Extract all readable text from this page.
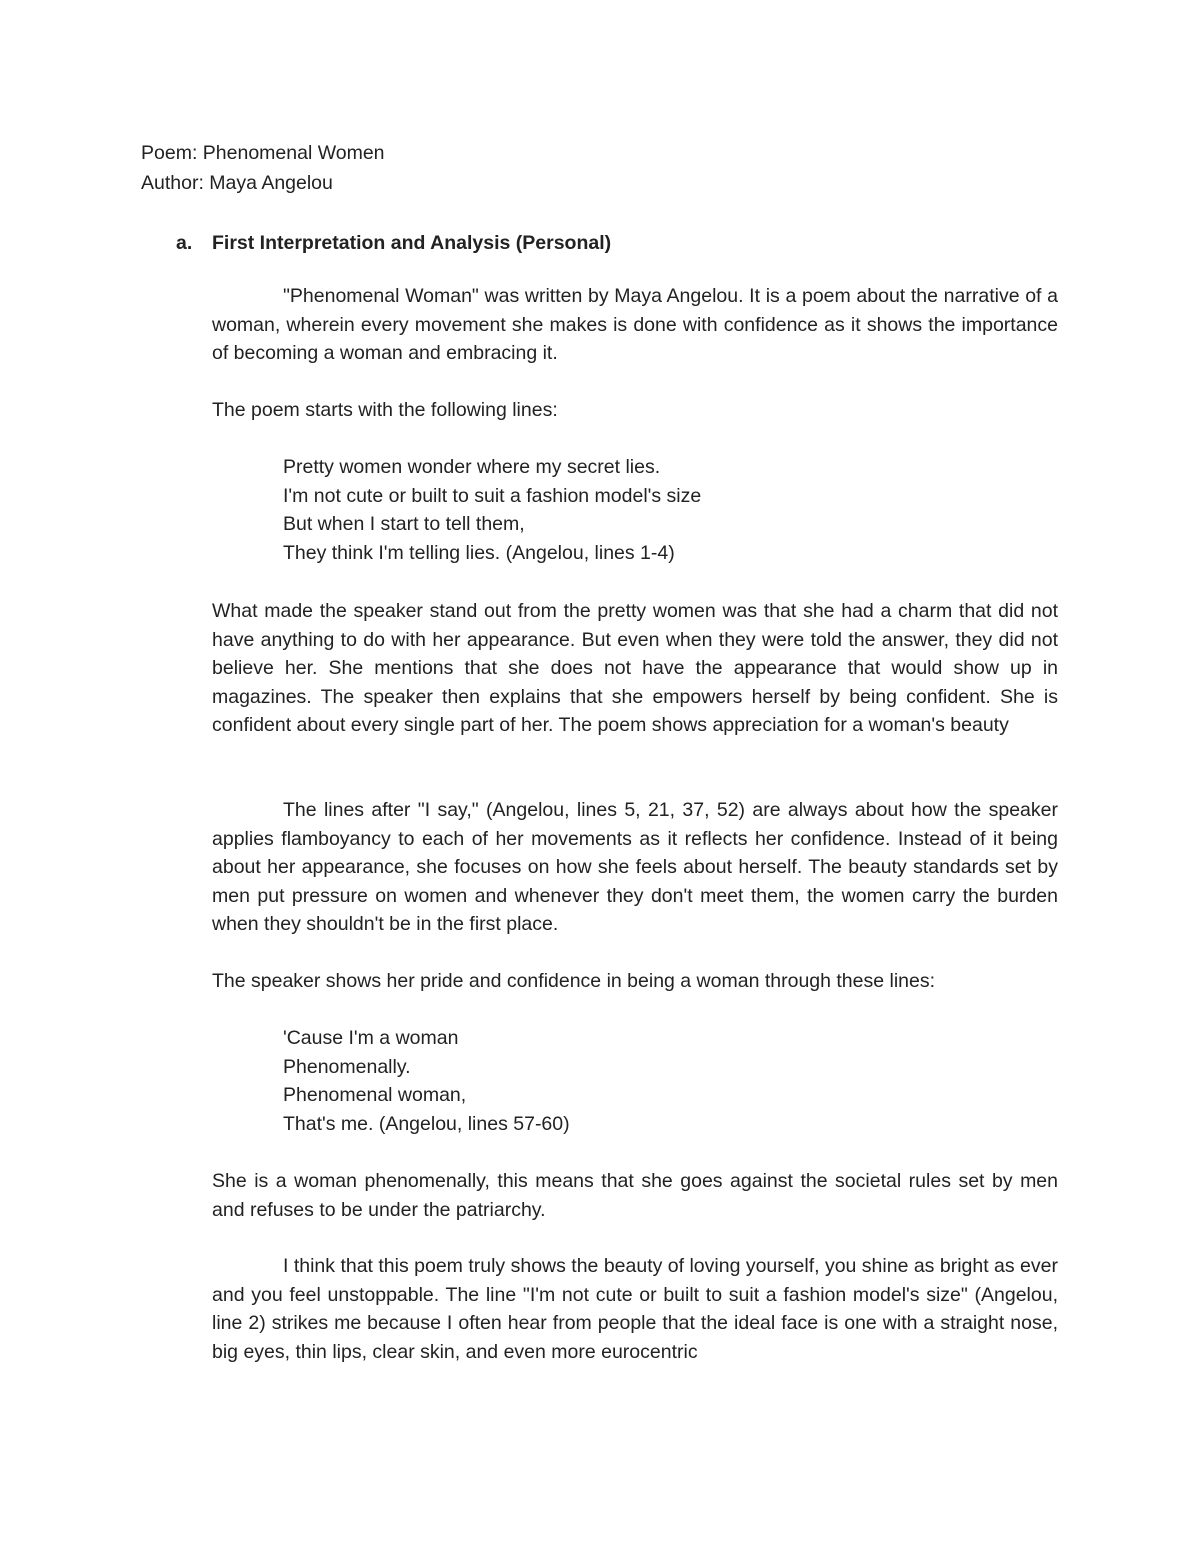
Poem: Phenomenal Women
Author: Maya Angelou
a. First Interpretation and Analysis (Personal)
"Phenomenal Woman" was written by Maya Angelou. It is a poem about the narrative of a woman, wherein every movement she makes is done with confidence as it shows the importance of becoming a woman and embracing it.
The poem starts with the following lines:
Pretty women wonder where my secret lies.
I'm not cute or built to suit a fashion model's size
But when I start to tell them,
They think I'm telling lies. (Angelou, lines 1-4)
What made the speaker stand out from the pretty women was that she had a charm that did not have anything to do with her appearance. But even when they were told the answer, they did not believe her. She mentions that she does not have the appearance that would show up in magazines. The speaker then explains that she empowers herself by being confident. She is confident about every single part of her. The poem shows appreciation for a woman's beauty
The lines after "I say," (Angelou, lines 5, 21, 37, 52) are always about how the speaker applies flamboyancy to each of her movements as it reflects her confidence. Instead of it being about her appearance, she focuses on how she feels about herself. The beauty standards set by men put pressure on women and whenever they don't meet them, the women carry the burden when they shouldn't be in the first place.
The speaker shows her pride and confidence in being a woman through these lines:
'Cause I'm a woman
Phenomenally.
Phenomenal woman,
That's me. (Angelou, lines 57-60)
She is a woman phenomenally, this means that she goes against the societal rules set by men and refuses to be under the patriarchy.
I think that this poem truly shows the beauty of loving yourself, you shine as bright as ever and you feel unstoppable. The line "I'm not cute or built to suit a fashion model's size" (Angelou, line 2) strikes me because I often hear from people that the ideal face is one with a straight nose, big eyes, thin lips, clear skin, and even more eurocentric
